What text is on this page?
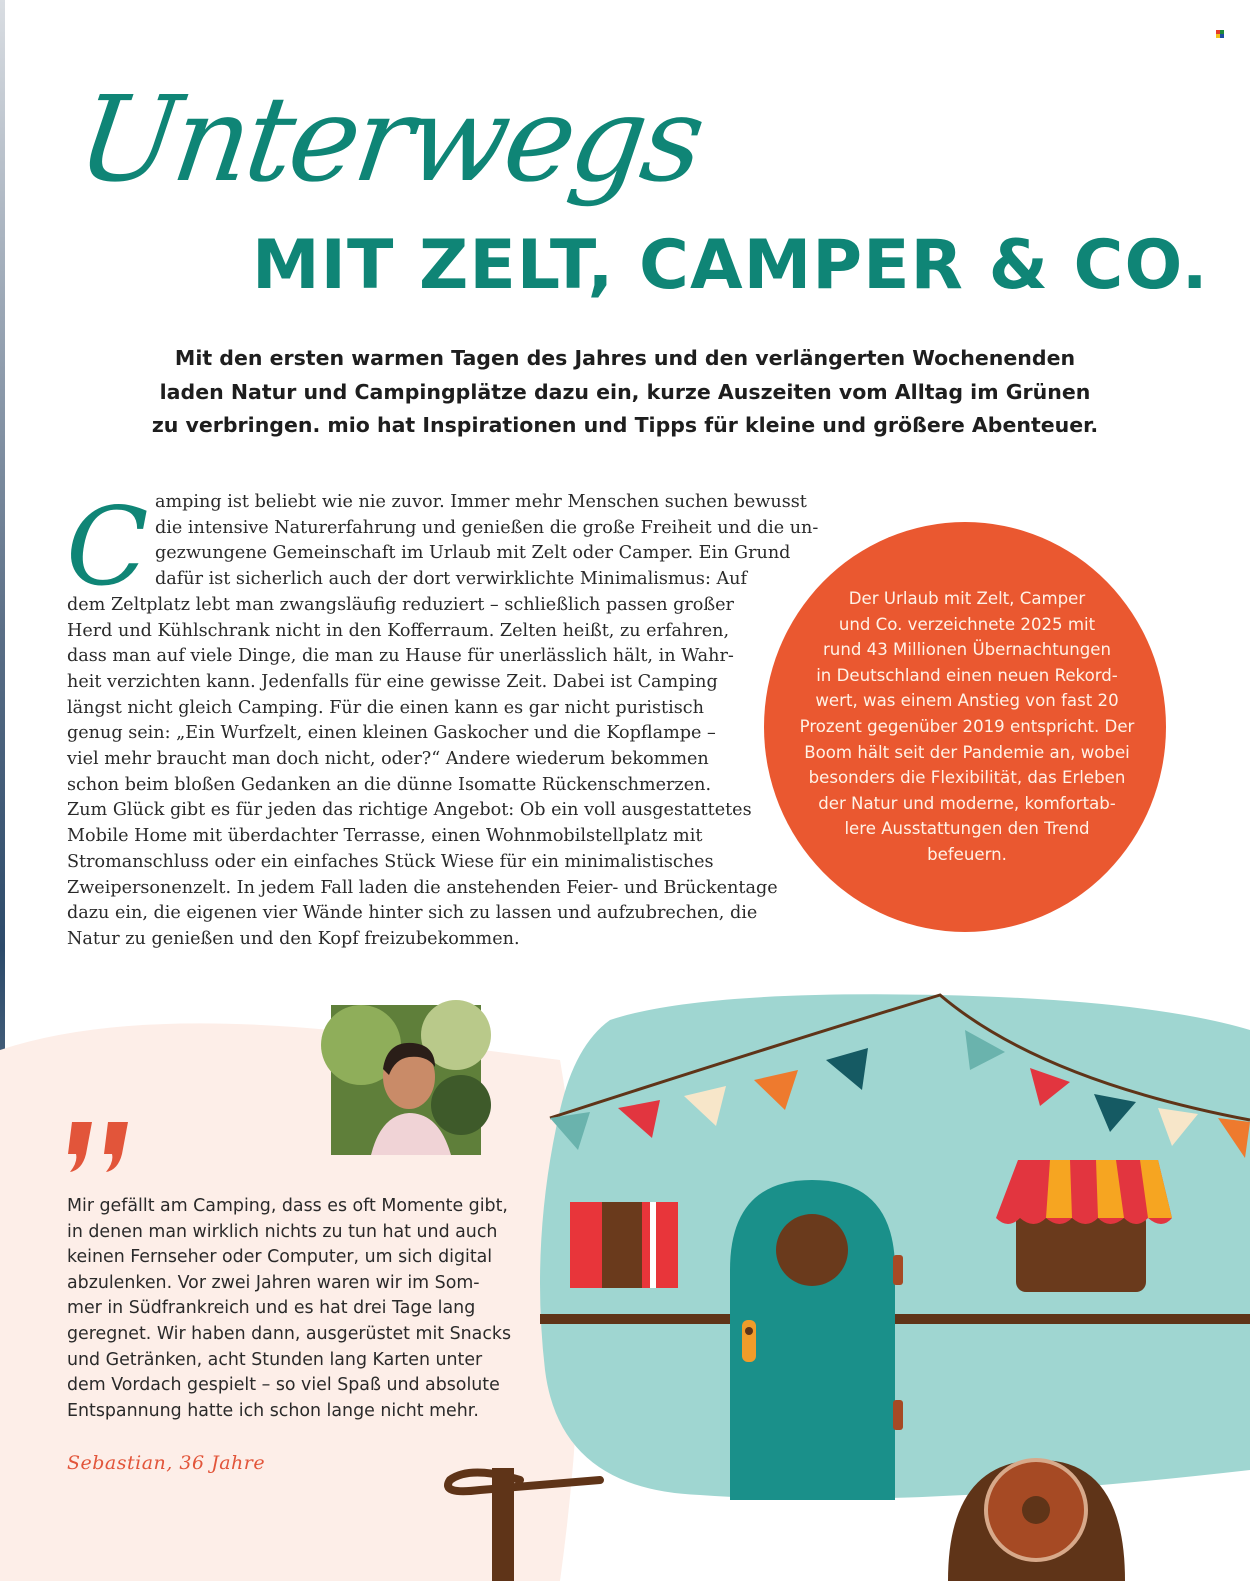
Unterwegs
MIT ZELT, CAMPER & CO.
Mit den ersten warmen Tagen des Jahres und den verlängerten Wochenenden
laden Natur und Campingplätze dazu ein, kurze Auszeiten vom Alltag im Grünen
zu verbringen. mio hat Inspirationen und Tipps für kleine und größere Abenteuer.
C amping ist beliebt wie nie zuvor. Immer mehr Menschen suchen bewusst
die intensive Naturerfahrung und genießen die große Freiheit und die un-
gezwungene Gemeinschaft im Urlaub mit Zelt oder Camper. Ein Grund
dafür ist sicherlich auch der dort verwirklichte Minimalismus: Auf
dem Zeltplatz lebt man zwangsläufig reduziert – schließlich passen großer
Herd und Kühlschrank nicht in den Kofferraum. Zelten heißt, zu erfahren,
dass man auf viele Dinge, die man zu Hause für unerlässlich hält, in Wahr-
heit verzichten kann. Jedenfalls für eine gewisse Zeit. Dabei ist Camping
längst nicht gleich Camping. Für die einen kann es gar nicht puristisch
genug sein: „Ein Wurfzelt, einen kleinen Gaskocher und die Kopflampe –
viel mehr braucht man doch nicht, oder?“ Andere wiederum bekommen
schon beim bloßen Gedanken an die dünne Isomatte Rückenschmerzen.
Zum Glück gibt es für jeden das richtige Angebot: Ob ein voll ausgestattetes
Mobile Home mit überdachter Terrasse, einen Wohnmobilstellplatz mit
Stromanschluss oder ein einfaches Stück Wiese für ein minimalistisches
Zweipersonenzelt. In jedem Fall laden die anstehenden Feier- und Brückentage
dazu ein, die eigenen vier Wände hinter sich zu lassen und aufzubrechen, die
Natur zu genießen und den Kopf freizubekommen.
Der Urlaub mit Zelt, Camper
und Co. verzeichnete 2025 mit
rund 43 Millionen Übernachtungen
in Deutschland einen neuen Rekord-
wert, was einem Anstieg von fast 20
Prozent gegenüber 2019 entspricht. Der
Boom hält seit der Pandemie an, wobei
besonders die Flexibilität, das Erleben
der Natur und moderne, komfortab-
lere Ausstattungen den Trend
befeuern.
Mir gefällt am Camping, dass es oft Momente gibt,
in denen man wirklich nichts zu tun hat und auch
keinen Fernseher oder Computer, um sich digital
abzulenken. Vor zwei Jahren waren wir im Som-
mer in Südfrankreich und es hat drei Tage lang
geregnet. Wir haben dann, ausgerüstet mit Snacks
und Getränken, acht Stunden lang Karten unter
dem Vordach gespielt – so viel Spaß und absolute
Entspannung hatte ich schon lange nicht mehr.
Sebastian, 36 Jahre
